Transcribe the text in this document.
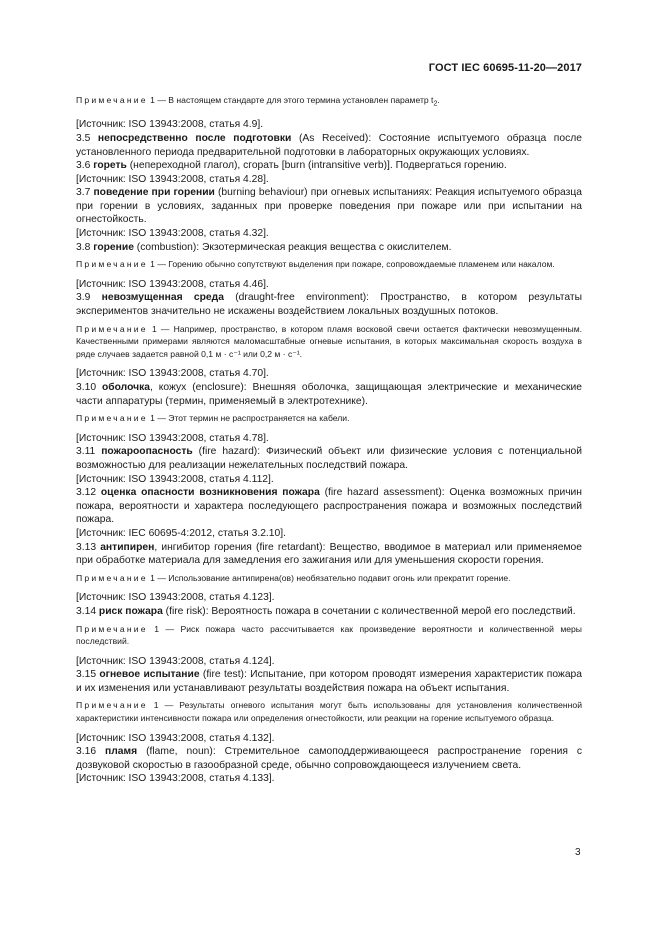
ГОСТ IEC 60695-11-20—2017

Примечание 1 — В настоящем стандарте для этого термина установлен параметр $t_2$.

[Источник: ISO 13943:2008, статья 4.9].

3.5 непосредственно после подготовки (As Received): Состояние испытуемого образца после установленного периода предварительной подготовки в лабораторных окружающих условиях.

3.6 гореть (непереходной глагол), сгорать [burn (intransitive verb)]. Подвергаться горению.

[Источник: ISO 13943:2008, статья 4.28].

3.7 поведение при горении (burning behaviour) при огневых испытаниях: Реакция испытуемого образца при горении в условиях, заданных при проверке поведения при пожаре или при испытании на огнестойкость.

[Источник: ISO 13943:2008, статья 4.32].

3.8 горение (combustion): Экзотермическая реакция вещества с окислителем.

Примечание 1 — Горению обычно сопутствуют выделения при пожаре, сопровождаемые пламенем или накалом.

[Источник: ISO 13943:2008, статья 4.46].

3.9 невозмущенная среда (draught-free environment): Пространство, в котором результаты экспериментов значительно не искажены воздействием локальных воздушных потоков.

Примечание 1 — Например, пространство, в котором пламя восковой свечи остается фактически невозмущенным. Качественными примерами являются маломасштабные огневые испытания, в которых максимальная скорость воздуха в ряде случаев задается равной 0,1 м · с⁻¹ или 0,2 м · с⁻¹.

[Источник: ISO 13943:2008, статья 4.70].

3.10 оболочка, кожух (enclosure): Внешняя оболочка, защищающая электрические и механические части аппаратуры (термин, применяемый в электротехнике).

Примечание 1 — Этот термин не распространяется на кабели.

[Источник: ISO 13943:2008, статья 4.78].

3.11 пожароопасность (fire hazard): Физический объект или физические условия с потенциальной возможностью для реализации нежелательных последствий пожара.

[Источник: ISO 13943:2008, статья 4.112].

3.12 оценка опасности возникновения пожара (fire hazard assessment): Оценка возможных причин пожара, вероятности и характера последующего распространения пожара и возможных последствий пожара.

[Источник: IEC 60695-4:2012, статья 3.2.10].

3.13 антипирен, ингибитор горения (fire retardant): Вещество, вводимое в материал или применяемое при обработке материала для замедления его зажигания или для уменьшения скорости горения.

Примечание 1 — Использование антипирена(ов) необязательно подавит огонь или прекратит горение.

[Источник: ISO 13943:2008, статья 4.123].

3.14 риск пожара (fire risk): Вероятность пожара в сочетании с количественной мерой его последствий.

Примечание 1 — Риск пожара часто рассчитывается как произведение вероятности и количественной меры последствий.

[Источник: ISO 13943:2008, статья 4.124].

3.15 огневое испытание (fire test): Испытание, при котором проводят измерения характеристик пожара и их изменения или устанавливают результаты воздействия пожара на объект испытания.

Примечание 1 — Результаты огневого испытания могут быть использованы для установления количественной характеристики интенсивности пожара или определения огнестойкости, или реакции на горение испытуемого образца.

[Источник: ISO 13943:2008, статья 4.132].

3.16 пламя (flame, noun): Стремительное самоподдерживающееся распространение горения с дозвуковой скоростью в газообразной среде, обычно сопровождающееся излучением света.

[Источник: ISO 13943:2008, статья 4.133].

3
